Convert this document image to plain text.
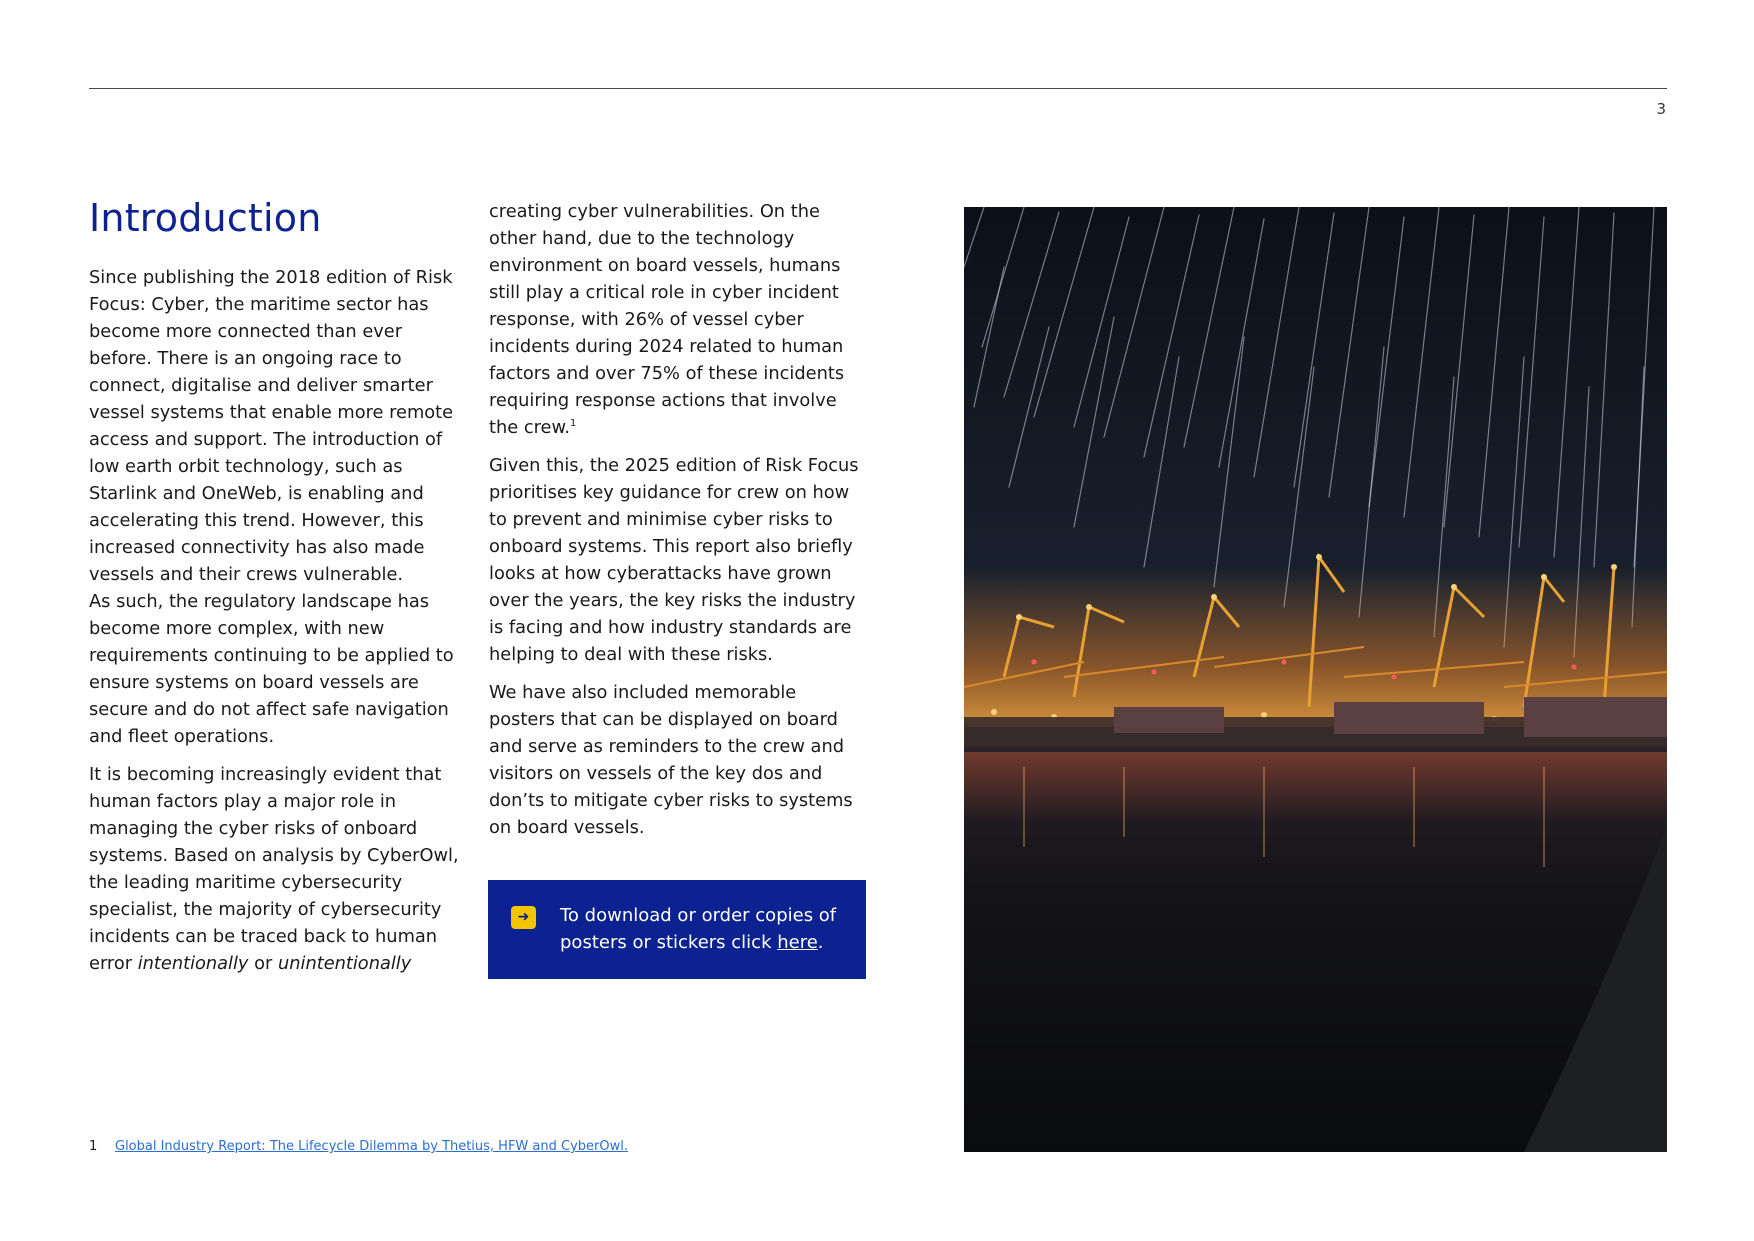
3
Introduction

Since publishing the 2018 edition of Risk Focus: Cyber, the maritime sector has become more connected than ever before. There is an ongoing race to connect, digitalise and deliver smarter vessel systems that enable more remote access and support. The introduction of low earth orbit technology, such as Starlink and OneWeb, is enabling and accelerating this trend. However, this increased connectivity has also made vessels and their crews vulnerable.
As such, the regulatory landscape has become more complex, with new requirements continuing to be applied to ensure systems on board vessels are secure and do not affect safe navigation and fleet operations.

It is becoming increasingly evident that human factors play a major role in managing the cyber risks of onboard systems. Based on analysis by CyberOwl, the leading maritime cybersecurity specialist, the majority of cybersecurity incidents can be traced back to human error intentionally or unintentionally

creating cyber vulnerabilities. On the other hand, due to the technology environment on board vessels, humans still play a critical role in cyber incident response, with 26% of vessel cyber incidents during 2024 related to human factors and over 75% of these incidents requiring response actions that involve the crew.$^1$

Given this, the 2025 edition of Risk Focus prioritises key guidance for crew on how to prevent and minimise cyber risks to onboard systems. This report also briefly looks at how cyberattacks have grown over the years, the key risks the industry is facing and how industry standards are helping to deal with these risks.

We have also included memorable posters that can be displayed on board and serve as reminders to the crew and visitors on vessels of the key dos and don’ts to mitigate cyber risks to systems on board vessels.

➜	To download or order copies of posters or stickers click here.
1 Global Industry Report: The Lifecycle Dilemma by Thetius, HFW and CyberOwl.
